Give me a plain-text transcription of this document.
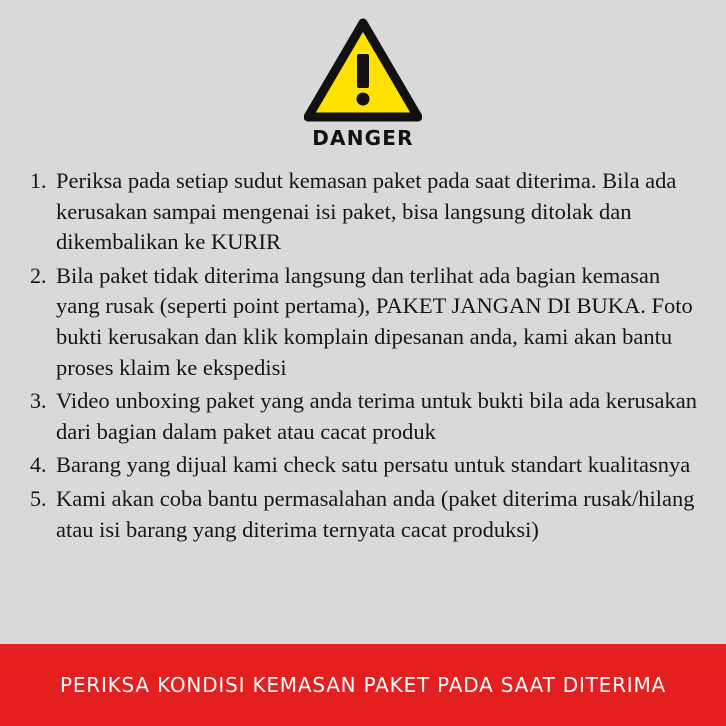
DANGER
1. Periksa pada setiap sudut kemasan paket pada saat diterima. Bila ada kerusakan sampai mengenai isi paket, bisa langsung ditolak dan dikembalikan ke KURIR
2. Bila paket tidak diterima langsung dan terlihat ada bagian kemasan yang rusak (seperti point pertama), PAKET JANGAN DI BUKA. Foto bukti kerusakan dan klik komplain dipesanan anda, kami akan bantu proses klaim ke ekspedisi
3. Video unboxing paket yang anda terima untuk bukti bila ada kerusakan dari bagian dalam paket atau cacat produk
4. Barang yang dijual kami check satu persatu untuk standart kualitasnya
5. Kami akan coba bantu permasalahan anda (paket diterima rusak/hilang atau isi barang yang diterima ternyata cacat produksi)
PERIKSA KONDISI KEMASAN PAKET PADA SAAT DITERIMA
